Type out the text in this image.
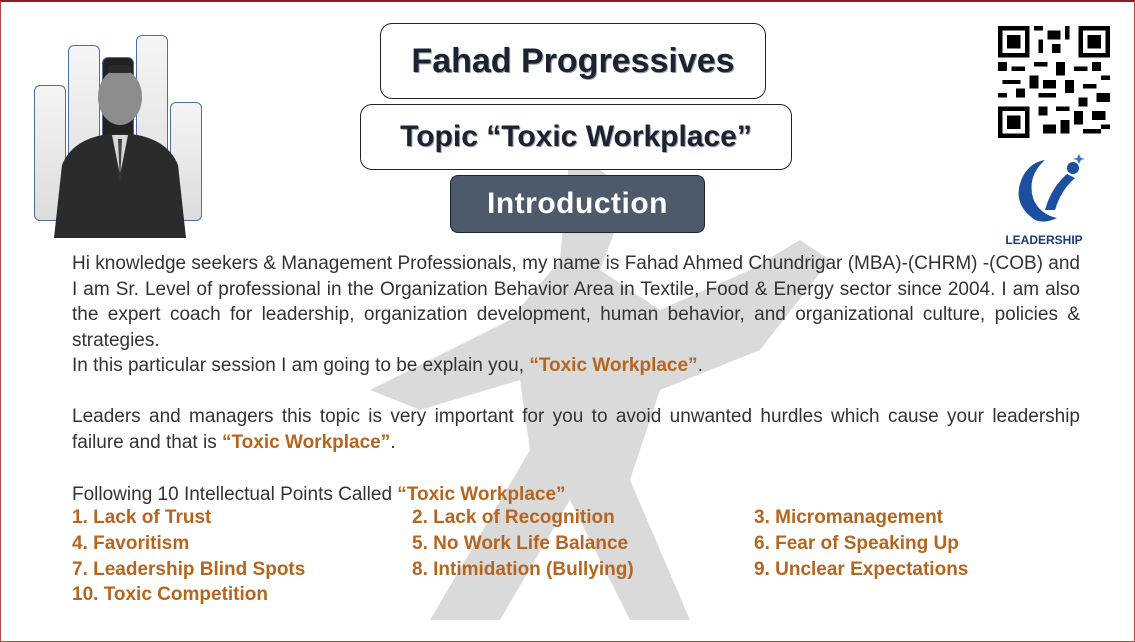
Fahad Progressives
Topic “Toxic Workplace”
Introduction
LEADERSHIP
Hi knowledge seekers & Management Professionals, my name is Fahad Ahmed Chundrigar (MBA)-(CHRM) -(COB) and I am Sr. Level of professional in the Organization Behavior Area in Textile, Food & Energy sector since 2004. I am also the expert coach for leadership, organization development, human behavior, and organizational culture, policies & strategies.
In this particular session I am going to be explain you, “Toxic Workplace”.
Leaders and managers this topic is very important for you to avoid unwanted hurdles which cause your leadership failure and that is “Toxic Workplace”.
Following 10 Intellectual Points Called “Toxic Workplace”
1. Lack of Trust	2. Lack of Recognition	3. Micromanagement
4. Favoritism	5. No Work Life Balance	6. Fear of Speaking Up
7. Leadership Blind Spots	8. Intimidation (Bullying)	9. Unclear Expectations
10. Toxic Competition
